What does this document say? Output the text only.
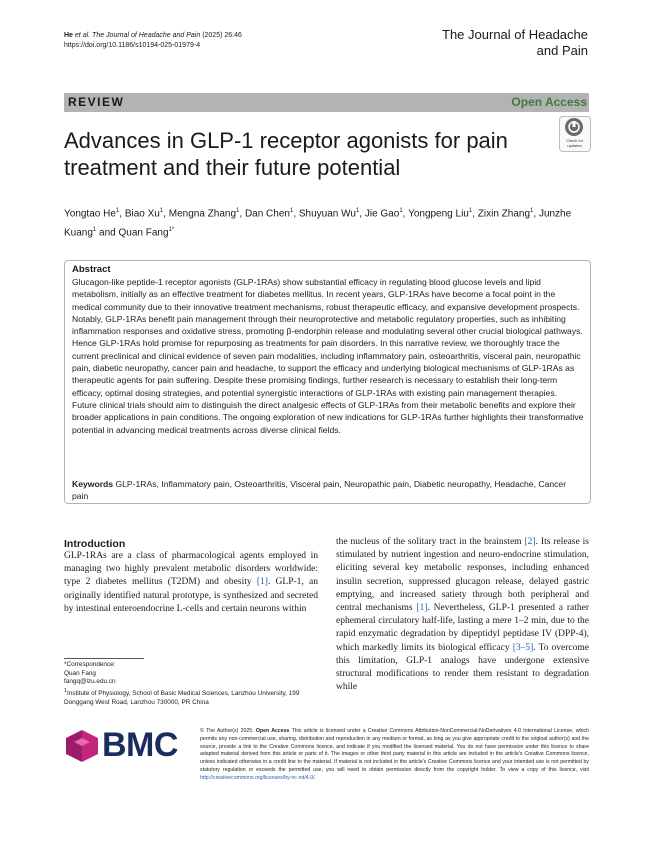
He et al. The Journal of Headache and Pain (2025) 26:46
https://doi.org/10.1186/s10194-025-01979-4
The Journal of Headache
and Pain
REVIEW	Open Access
Advances in GLP-1 receptor agonists for pain treatment and their future potential
Check for
updates
Yongtao He$^1$, Biao Xu$^1$, Mengna Zhang$^1$, Dan Chen$^1$, Shuyuan Wu$^1$, Jie Gao$^1$, Yongpeng Liu$^1$, Zixin Zhang$^1$, Junzhe Kuang$^1$ and Quan Fang$^{1*}$
Abstract
Glucagon-like peptide-1 receptor agonists (GLP-1RAs) show substantial efficacy in regulating blood glucose levels and lipid metabolism, initially as an effective treatment for diabetes mellitus. In recent years, GLP-1RAs have become a focal point in the medical community due to their innovative treatment mechanisms, robust therapeutic efficacy, and expansive development prospects. Notably, GLP-1RAs benefit pain management through their neuroprotective and metabolic regulatory properties, such as inhibiting inflammation responses and oxidative stress, promoting β-endorphin release and modulating several other crucial biological pathways. Hence GLP-1RAs hold promise for repurposing as treatments for pain disorders. In this narrative review, we thoroughly trace the current preclinical and clinical evidence of seven pain modalities, including inflammatory pain, osteoarthritis, visceral pain, neuropathic pain, diabetic neuropathy, cancer pain and headache, to support the efficacy and underlying biological mechanisms of GLP-1RAs as therapeutic agents for pain suffering. Despite these promising findings, further research is necessary to establish their long-term efficacy, optimal dosing strategies, and potential synergistic interactions of GLP-1RAs with existing pain management therapies. Future clinical trials should aim to distinguish the direct analgesic effects of GLP-1RAs from their metabolic benefits and explore their broader applications in pain conditions. The ongoing exploration of new indications for GLP-1RAs further highlights their transformative potential in advancing medical treatments across diverse clinical fields.
Keywords GLP-1RAs, Inflammatory pain, Osteoarthritis, Visceral pain, Neuropathic pain, Diabetic neuropathy, Headache, Cancer pain
Introduction
GLP-1RAs are a class of pharmacological agents employed in managing two highly prevalent metabolic disorders worldwide: type 2 diabetes mellitus (T2DM) and obesity [1]. GLP-1, an originally identified natural prototype, is synthesized and secreted by intestinal enteroendocrine L-cells and certain neurons within
the nucleus of the solitary tract in the brainstem [2]. Its release is stimulated by nutrient ingestion and neuro-endocrine stimulation, eliciting several key metabolic responses, including enhanced insulin secretion, suppressed glucagon release, delayed gastric emptying, and increased satiety through both peripheral and central mechanisms [1]. Nevertheless, GLP-1 presented a rather ephemeral circulatory half-life, lasting a mere 1–2 min, due to the rapid enzymatic degradation by dipeptidyl peptidase IV (DPP-4), which markedly limits its biological efficacy [3–5]. To overcome this limitation, GLP-1 analogs have undergone extensive structural modifications to render them resistant to degradation while
*Correspondence:
Quan Fang
fangq@lzu.edu.cn
$^1$Institute of Physiology, School of Basic Medical Sciences, Lanzhou University, 199 Donggang West Road, Lanzhou 730000, PR China
BMC	© The Author(s) 2025. Open Access This article is licensed under a Creative Commons Attribution-NonCommercial-NoDerivatives 4.0 International License, which permits any non-commercial use, sharing, distribution and reproduction in any medium or format, as long as you give appropriate credit to the original author(s) and the source, provide a link to the Creative Commons licence, and indicate if you modified the licensed material. You do not have permission under this licence to share adapted material derived from this article or parts of it. The images or other third party material in this article are included in the article's Creative Commons licence, unless indicated otherwise in a credit line to the material. If material is not included in the article's Creative Commons licence and your intended use is not permitted by statutory regulation or exceeds the permitted use, you will need to obtain permission directly from the copyright holder. To view a copy of this licence, visit http://creativecommons.org/licenses/by-nc-nd/4.0/.
